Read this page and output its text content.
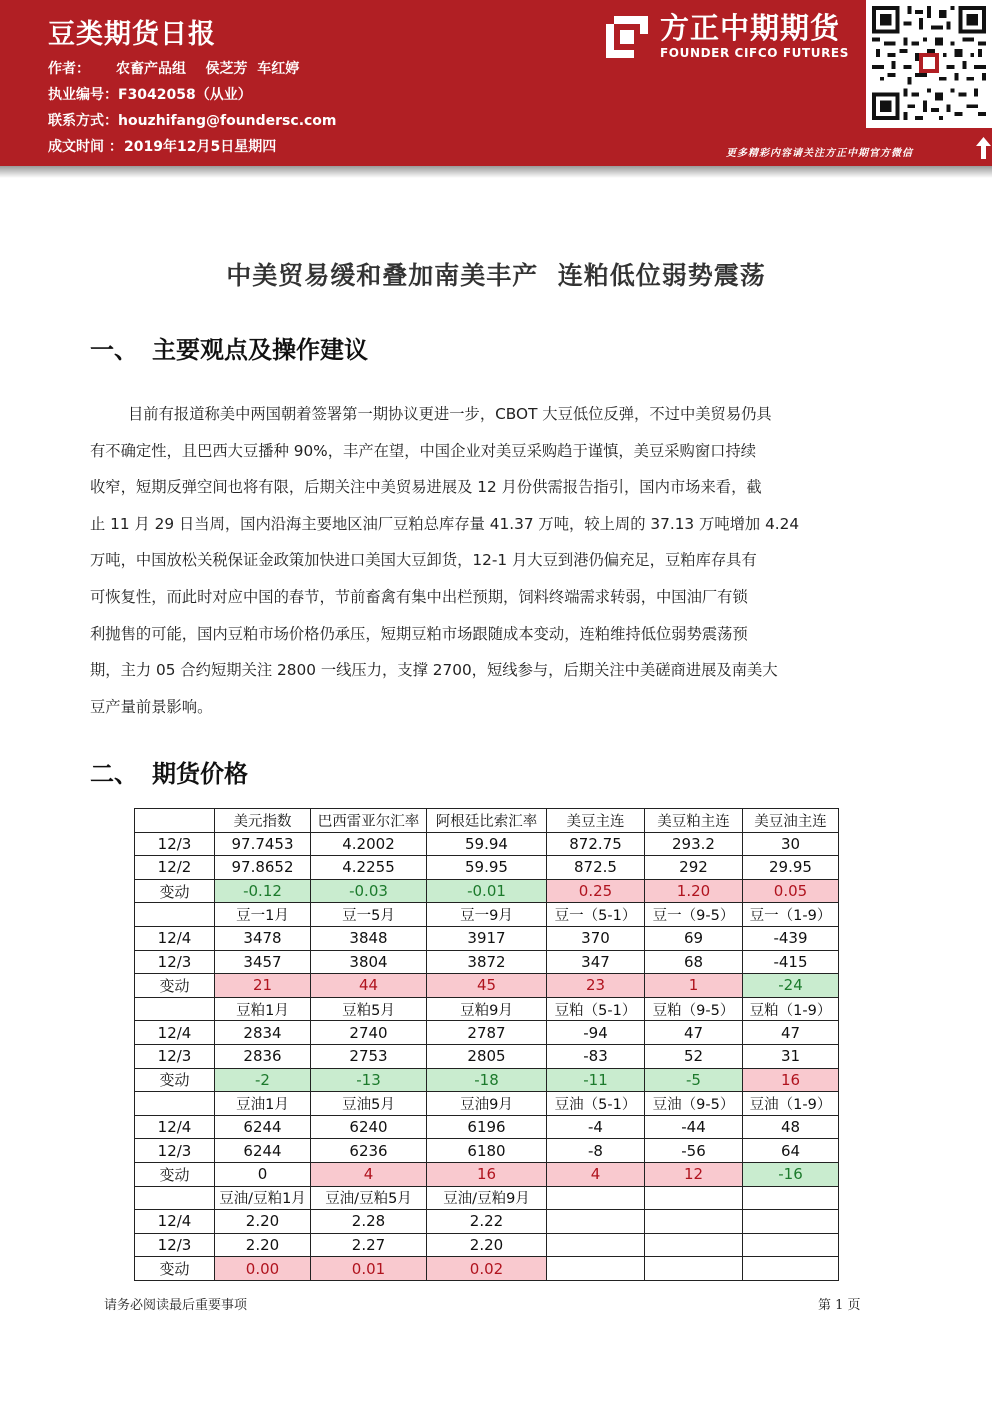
豆类期货日报
作者： 农畜产品组    侯芝芳  车红婷
执业编号：F3042058（从业）
联系方式：houzhifang@foundersc.com
成文时间 ：2019年12月5日星期四
方正中期期货
FOUNDER CIFCO FUTURES
更多精彩内容请关注方正中期官方微信
中美贸易缓和叠加南美丰产  连粕低位弱势震荡
一、 主要观点及操作建议
目前有报道称美中两国朝着签署第一期协议更进一步，CBOT 大豆低位反弹，不过中美贸易仍具
有不确定性，且巴西大豆播种 90%，丰产在望，中国企业对美豆采购趋于谨慎，美豆采购窗口持续
收窄，短期反弹空间也将有限，后期关注中美贸易进展及 12 月份供需报告指引，国内市场来看，截
止 11 月 29 日当周，国内沿海主要地区油厂豆粕总库存量 41.37 万吨，较上周的 37.13 万吨增加 4.24
万吨，中国放松关税保证金政策加快进口美国大豆卸货，12-1 月大豆到港仍偏充足，豆粕库存具有
可恢复性，而此时对应中国的春节，节前畜禽有集中出栏预期，饲料终端需求转弱，中国油厂有锁
利抛售的可能，国内豆粕市场价格仍承压，短期豆粕市场跟随成本变动，连粕维持低位弱势震荡预
期，主力 05 合约短期关注 2800 一线压力，支撑 2700，短线参与，后期关注中美磋商进展及南美大
豆产量前景影响。
二、 期货价格
	美元指数	巴西雷亚尔汇率	阿根廷比索汇率	美豆主连	美豆粕主连	美豆油主连
12/3	97.7453	4.2002	59.94	872.75	293.2	30
12/2	97.8652	4.2255	59.95	872.5	292	29.95
变动	-0.12	-0.03	-0.01	0.25	1.20	0.05
	豆一1月	豆一5月	豆一9月	豆一（5-1）	豆一（9-5）	豆一（1-9）
12/4	3478	3848	3917	370	69	-439
12/3	3457	3804	3872	347	68	-415
变动	21	44	45	23	1	-24
	豆粕1月	豆粕5月	豆粕9月	豆粕（5-1）	豆粕（9-5）	豆粕（1-9）
12/4	2834	2740	2787	-94	47	47
12/3	2836	2753	2805	-83	52	31
变动	-2	-13	-18	-11	-5	16
	豆油1月	豆油5月	豆油9月	豆油（5-1）	豆油（9-5）	豆油（1-9）
12/4	6244	6240	6196	-4	-44	48
12/3	6244	6236	6180	-8	-56	64
变动	0	4	16	4	12	-16
	豆油/豆粕1月	豆油/豆粕5月	豆油/豆粕9月			
12/4	2.20	2.28	2.22			
12/3	2.20	2.27	2.20			
变动	0.00	0.01	0.02			
请务必阅读最后重要事项	第 1 页
